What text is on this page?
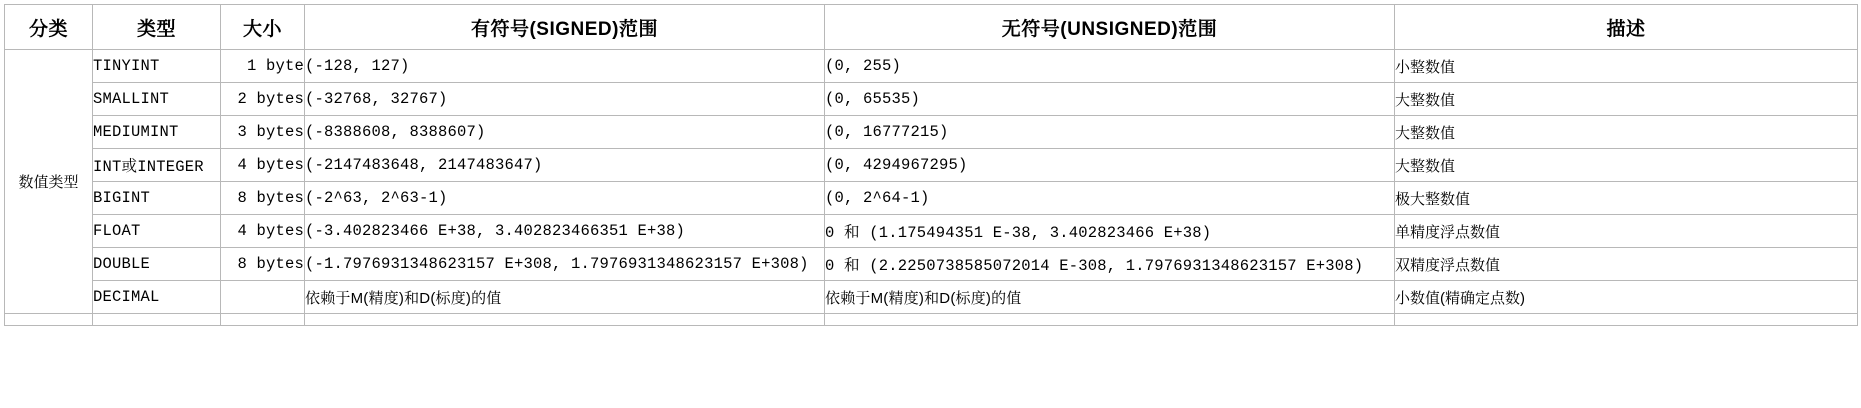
分类	类型	大小	有符号(SIGNED)范围	无符号(UNSIGNED)范围	描述
数值类型	TINYINT	1 byte	(-128, 127)	(0, 255)	小整数值
	SMALLINT	2 bytes	(-32768, 32767)	(0, 65535)	大整数值
	MEDIUMINT	3 bytes	(-8388608, 8388607)	(0, 16777215)	大整数值
	INT或INTEGER	4 bytes	(-2147483648, 2147483647)	(0, 4294967295)	大整数值
	BIGINT	8 bytes	(-2^63, 2^63-1)	(0, 2^64-1)	极大整数值
	FLOAT	4 bytes	(-3.402823466 E+38, 3.402823466351 E+38)	0 和 (1.175494351 E-38, 3.402823466 E+38)	单精度浮点数值
	DOUBLE	8 bytes	(-1.7976931348623157 E+308, 1.7976931348623157 E+308)	0 和 (2.2250738585072014 E-308, 1.7976931348623157 E+308)	双精度浮点数值
	DECIMAL		依赖于M(精度)和D(标度)的值	依赖于M(精度)和D(标度)的值	小数值(精确定点数)
